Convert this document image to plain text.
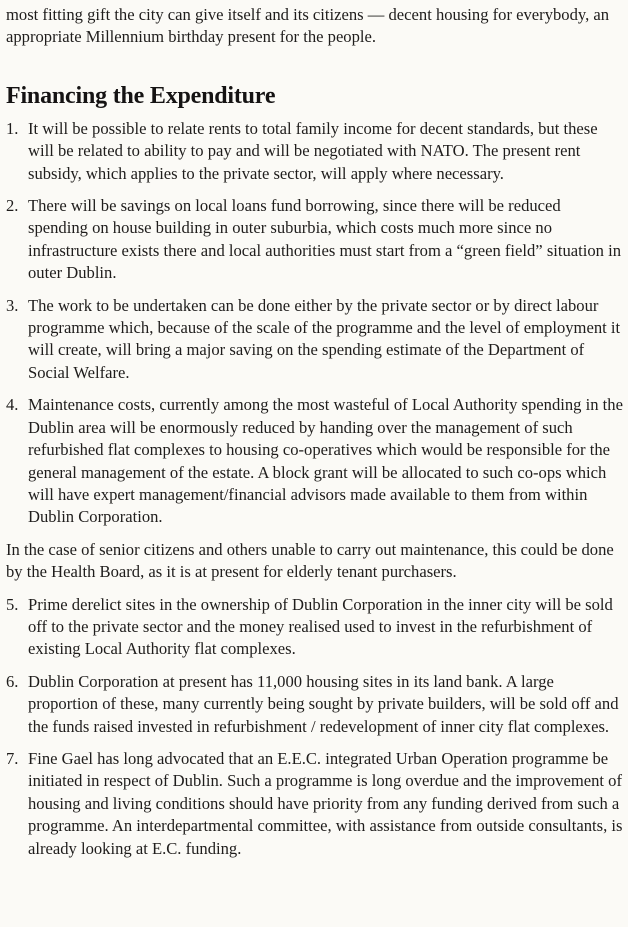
most fitting gift the city can give itself and its citizens — decent housing for everybody, an appropriate Millennium birthday present for the people.

Financing the Expenditure
1. It will be possible to relate rents to total family income for decent standards, but these will be related to ability to pay and will be negotiated with NATO. The present rent subsidy, which applies to the private sector, will apply where necessary.
2. There will be savings on local loans fund borrowing, since there will be reduced spending on house building in outer suburbia, which costs much more since no infrastructure exists there and local authorities must start from a “green field” situation in outer Dublin.
3. The work to be undertaken can be done either by the private sector or by direct labour programme which, because of the scale of the programme and the level of employment it will create, will bring a major saving on the spending estimate of the Department of Social Welfare.
4. Maintenance costs, currently among the most wasteful of Local Authority spending in the Dublin area will be enormously reduced by handing over the management of such refurbished flat complexes to housing co-operatives which would be responsible for the general management of the estate. A block grant will be allocated to such co-ops which will have expert management/financial advisors made available to them from within Dublin Corporation.

In the case of senior citizens and others unable to carry out maintenance, this could be done by the Health Board, as it is at present for elderly tenant purchasers.

5. Prime derelict sites in the ownership of Dublin Corporation in the inner city will be sold off to the private sector and the money realised used to invest in the refurbishment of existing Local Authority flat complexes.
6. Dublin Corporation at present has 11,000 housing sites in its land bank. A large proportion of these, many currently being sought by private builders, will be sold off and the funds raised invested in refurbishment / redevelopment of inner city flat complexes.
7. Fine Gael has long advocated that an E.E.C. integrated Urban Operation programme be initiated in respect of Dublin. Such a programme is long overdue and the improvement of housing and living conditions should have priority from any funding derived from such a programme. An interdepartmental committee, with assistance from outside consultants, is already looking at E.C. funding.
